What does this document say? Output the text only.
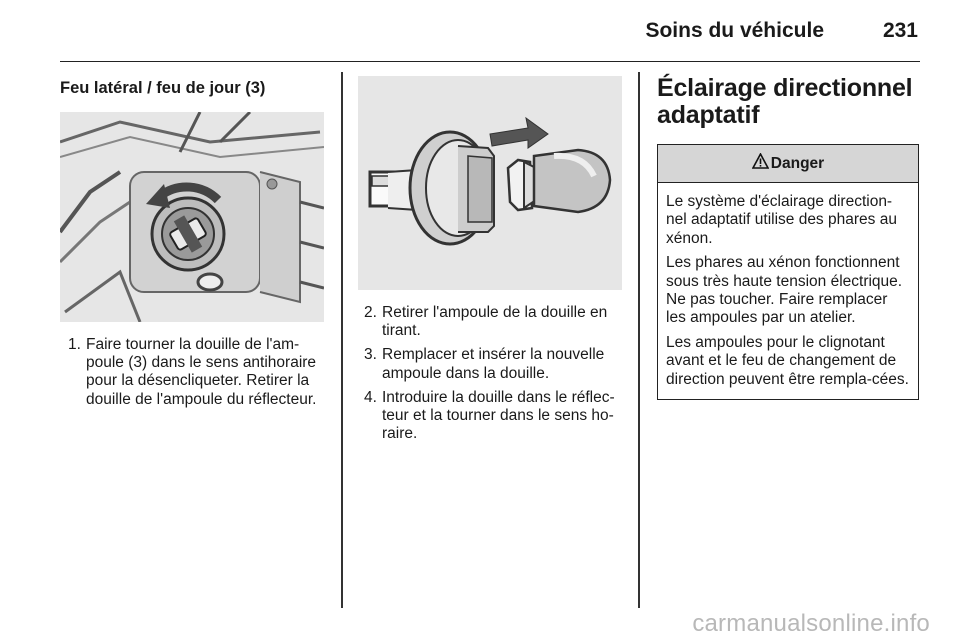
Soins du véhicule	231
Feu latéral / feu de jour (3)
1. Faire tourner la douille de l'am-poule (3) dans le sens antihoraire pour la désencliqueter. Retirer la douille de l'ampoule du réflecteur.
2. Retirer l'ampoule de la douille en tirant.
3. Remplacer et insérer la nouvelle ampoule dans la douille.
4. Introduire la douille dans le réflec-teur et la tourner dans le sens ho-raire.
Éclairage directionnel adaptatif
Danger

Le système d'éclairage direction-nel adaptatif utilise des phares au xénon.

Les phares au xénon fonctionnent sous très haute tension électrique. Ne pas toucher. Faire remplacer les ampoules par un atelier.

Les ampoules pour le clignotant avant et le feu de changement de direction peuvent être rempla-cées.

carmanualsonline.info
